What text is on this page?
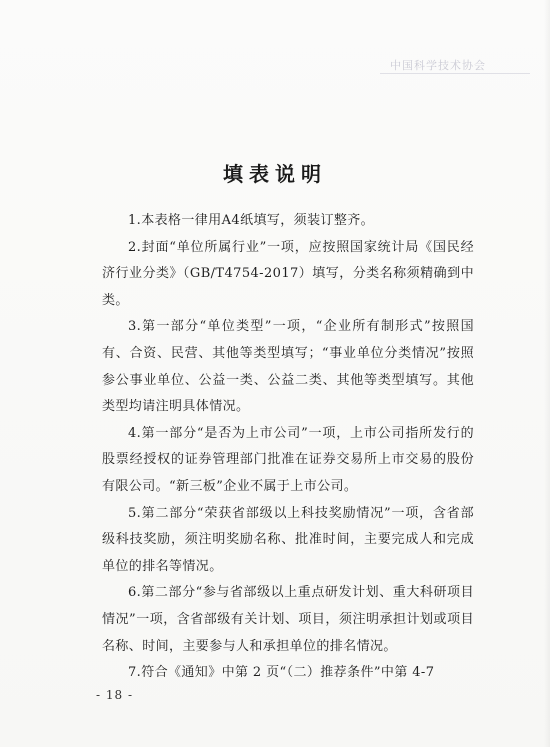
中国科学技术协会
填表说明

1.本表格一律用A4纸填写，须装订整齐。

2.封面“单位所属行业”一项，应按照国家统计局《国民经济行业分类》（GB/T4754-2017）填写，分类名称须精确到中类。

3.第一部分“单位类型”一项，“企业所有制形式”按照国有、合资、民营、其他等类型填写；“事业单位分类情况”按照参公事业单位、公益一类、公益二类、其他等类型填写。其他类型均请注明具体情况。

4.第一部分“是否为上市公司”一项，上市公司指所发行的股票经授权的证券管理部门批准在证券交易所上市交易的股份有限公司。“新三板”企业不属于上市公司。

5.第二部分“荣获省部级以上科技奖励情况”一项，含省部级科技奖励，须注明奖励名称、批准时间，主要完成人和完成单位的排名等情况。

6.第二部分“参与省部级以上重点研发计划、重大科研项目情况”一项，含省部级有关计划、项目，须注明承担计划或项目名称、时间，主要参与人和承担单位的排名情况。

7.符合《通知》中第 2 页“（二）推荐条件”中第 4-7

- 18 -
